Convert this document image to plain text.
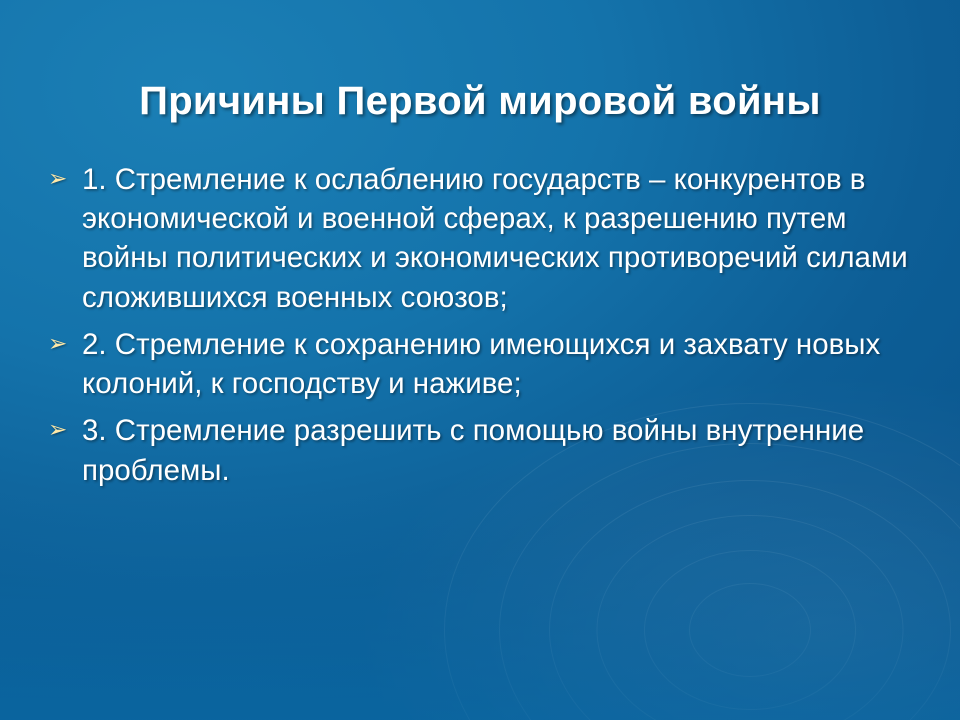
Причины Первой мировой войны
➢ 1. Стремление к ослаблению государств – конкурентов в экономической и военной сферах, к разрешению путем войны политических и экономических противоречий силами сложившихся военных союзов;
➢ 2. Стремление к сохранению имеющихся и захвату новых колоний, к господству и наживе;
➢ 3. Стремление разрешить с помощью войны внутренние проблемы.
